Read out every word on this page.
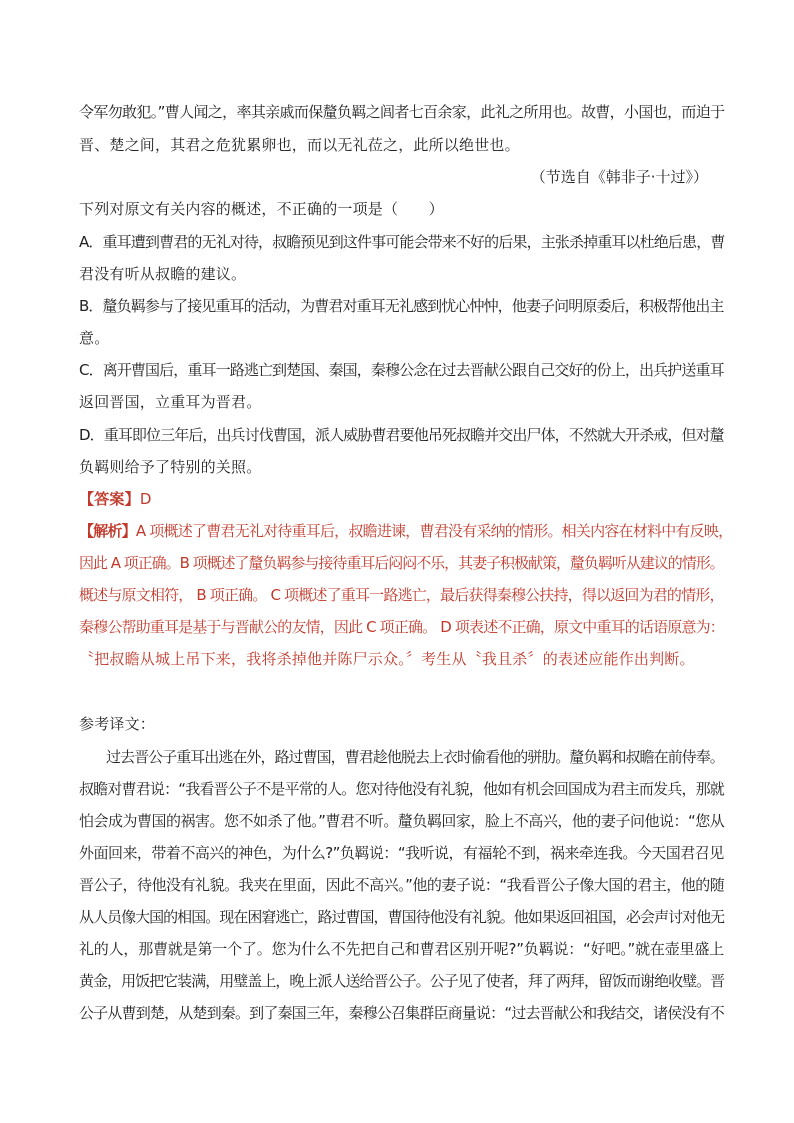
令军勿敢犯。”曹人闻之，率其亲戚而保釐负羁之闾者七百余家，此礼之所用也。故曹，小国也，而迫于
晋、楚之间，其君之危犹累卵也，而以无礼莅之，此所以绝世也。
（节选自《韩非子·十过》）
下列对原文有关内容的概述，不正确的一项是（　　）
A．重耳遭到曹君的无礼对待，叔瞻预见到这件事可能会带来不好的后果，主张杀掉重耳以杜绝后患，曹
君没有听从叔瞻的建议。
B．釐负羁参与了接见重耳的活动，为曹君对重耳无礼感到忧心忡忡，他妻子问明原委后，积极帮他出主
意。
C．离开曹国后，重耳一路逃亡到楚国、秦国，秦穆公念在过去晋献公跟自己交好的份上，出兵护送重耳
返回晋国，立重耳为晋君。
D．重耳即位三年后，出兵讨伐曹国，派人威胁曹君要他吊死叔瞻并交出尸体，不然就大开杀戒，但对釐
负羁则给予了特别的关照。
【答案】D
【解析】A 项概述了曹君无礼对待重耳后，叔瞻进谏，曹君没有采纳的情形。相关内容在材料中有反映，
因此 A 项正确。B 项概述了釐负羁参与接待重耳后闷闷不乐，其妻子积极献策，釐负羁听从建议的情形。
概述与原文相符， B 项正确。 C 项概述了重耳一路逃亡，最后获得秦穆公扶持，得以返回为君的情形，
秦穆公帮助重耳是基于与晋献公的友情，因此 C 项正确。 D 项表述不正确，原文中重耳的话语原意为：
〝把叔瞻从城上吊下来，我将杀掉他并陈尸示众。〞考生从〝我且杀〞的表述应能作出判断。
参考译文：
过去晋公子重耳出逃在外，路过曹国，曹君趁他脱去上衣时偷看他的骈肋。釐负羁和叔瞻在前侍奉。
叔瞻对曹君说：“我看晋公子不是平常的人。您对待他没有礼貌，他如有机会回国成为君主而发兵，那就
怕会成为曹国的祸害。您不如杀了他。”曹君不听。釐负羁回家，脸上不高兴，他的妻子问他说：“您从
外面回来，带着不高兴的神色，为什么?”负羁说：“我听说，有福轮不到，祸来牵连我。今天国君召见
晋公子，待他没有礼貌。我夹在里面，因此不高兴。”他的妻子说：“我看晋公子像大国的君主，他的随
从人员像大国的相国。现在困窘逃亡，路过曹国，曹国待他没有礼貌。他如果返回祖国，必会声讨对他无
礼的人，那曹就是第一个了。您为什么不先把自己和曹君区别开呢?”负羁说：“好吧。”就在壶里盛上
黄金，用饭把它装满，用璧盖上，晚上派人送给晋公子。公子见了使者，拜了两拜，留饭而谢绝收璧。晋
公子从曹到楚，从楚到秦。到了秦国三年，秦穆公召集群臣商量说：“过去晋献公和我结交，诸侯没有不
